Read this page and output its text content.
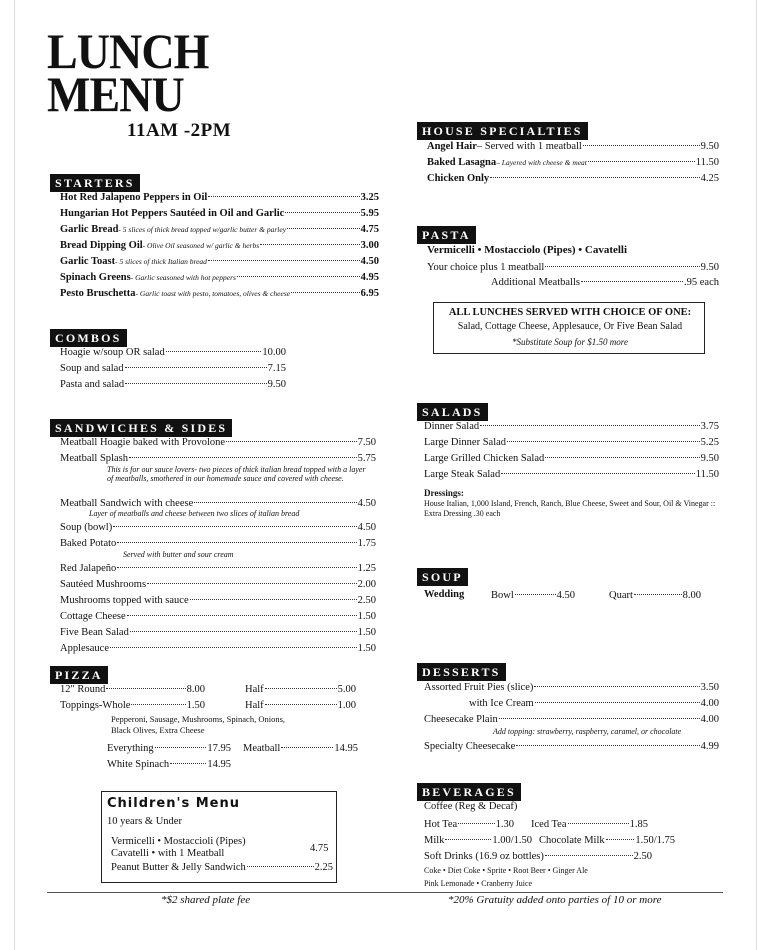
LUNCH
MENU
11AM -2PM
STARTERS
Hot Red Jalapeno Peppers in Oil	3.25
Hungarian Hot Peppers Sautéed in Oil and Garlic	5.95
Garlic Bread - 5 slices of thick bread topped w/garlic butter & parley	4.75
Bread Dipping Oil - Olive Oil seasoned w/ garlic & herbs	3.00
Garlic Toast - 5 slices of thick Italian bread	4.50
Spinach Greens - Garlic seasoned with hot peppers	4.95
Pesto Bruschetta - Garlic toast with pesto, tomatoes, olives & cheese	6.95
COMBOS
Hoagie w/soup OR salad	10.00
Soup and salad	7.15
Pasta and salad	9.50
SANDWICHES & SIDES
Meatball Hoagie baked with Provolone	7.50
Meatball Splash	5.75
This is for our sauce lovers- two pieces of thick italian bread topped with a layer of meatballs, smothered in our homemade sauce and covered with cheese.
Meatball Sandwich with cheese	4.50
Layer of meatballs and cheese between two slices of italian bread
Soup (bowl)	4.50
Baked Potato	1.75
Served with butter and sour cream
Red Jalapeño	1.25
Sautéed Mushrooms	2.00
Mushrooms topped with sauce	2.50
Cottage Cheese	1.50
Five Bean Salad	1.50
Applesauce	1.50
PIZZA
12" Round	8.00	Half	5.00
Toppings-Whole	1.50	Half	1.00
Pepperoni, Sausage, Mushrooms, Spinach, Onions, Black Olives, Extra Cheese
Everything	17.95 Meatball	14.95
White Spinach	14.95
Children's Menu
10 years & Under
Vermicelli • Mostaccioli (Pipes)
Cavatelli • with 1 Meatball	4.75
Peanut Butter & Jelly Sandwich	2.25
HOUSE SPECIALTIES
Angel Hair – Served with 1 meatball	9.50
Baked Lasagna – Layered with cheese & meat	11.50
Chicken Only	4.25
PASTA
Vermicelli • Mostacciolo (Pipes) • Cavatelli
Your choice plus 1 meatball	9.50
Additional Meatballs	.95 each
ALL LUNCHES SERVED WITH CHOICE OF ONE:
Salad, Cottage Cheese, Applesauce, Or Five Bean Salad
*Substitute Soup for $1.50 more
SALADS
Dinner Salad	3.75
Large Dinner Salad	5.25
Large Grilled Chicken Salad	9.50
Large Steak Salad	11.50
Dressings:
House Italian, 1,000 Island, French, Ranch, Blue Cheese, Sweet and Sour, Oil & Vinegar :: Extra Dressing .30 each
SOUP
Wedding	Bowl	4.50	Quart	8.00
DESSERTS
Assorted Fruit Pies (slice)	3.50
with Ice Cream	4.00
Cheesecake Plain	4.00
Add topping: strawberry, raspberry, caramel, or chocolate
Specialty Cheesecake	4.99
BEVERAGES
Coffee (Reg & Decaf)
Hot Tea	1.30 Iced Tea	1.85
Milk	1.00/1.50 Chocolate Milk	1.50/1.75
Soft Drinks (16.9 oz bottles)	2.50
Coke • Diet Coke • Sprite • Root Beer • Ginger Ale
Pink Lemonade • Cranberry Juice
*$2 shared plate fee	*20% Gratuity added onto parties of 10 or more
